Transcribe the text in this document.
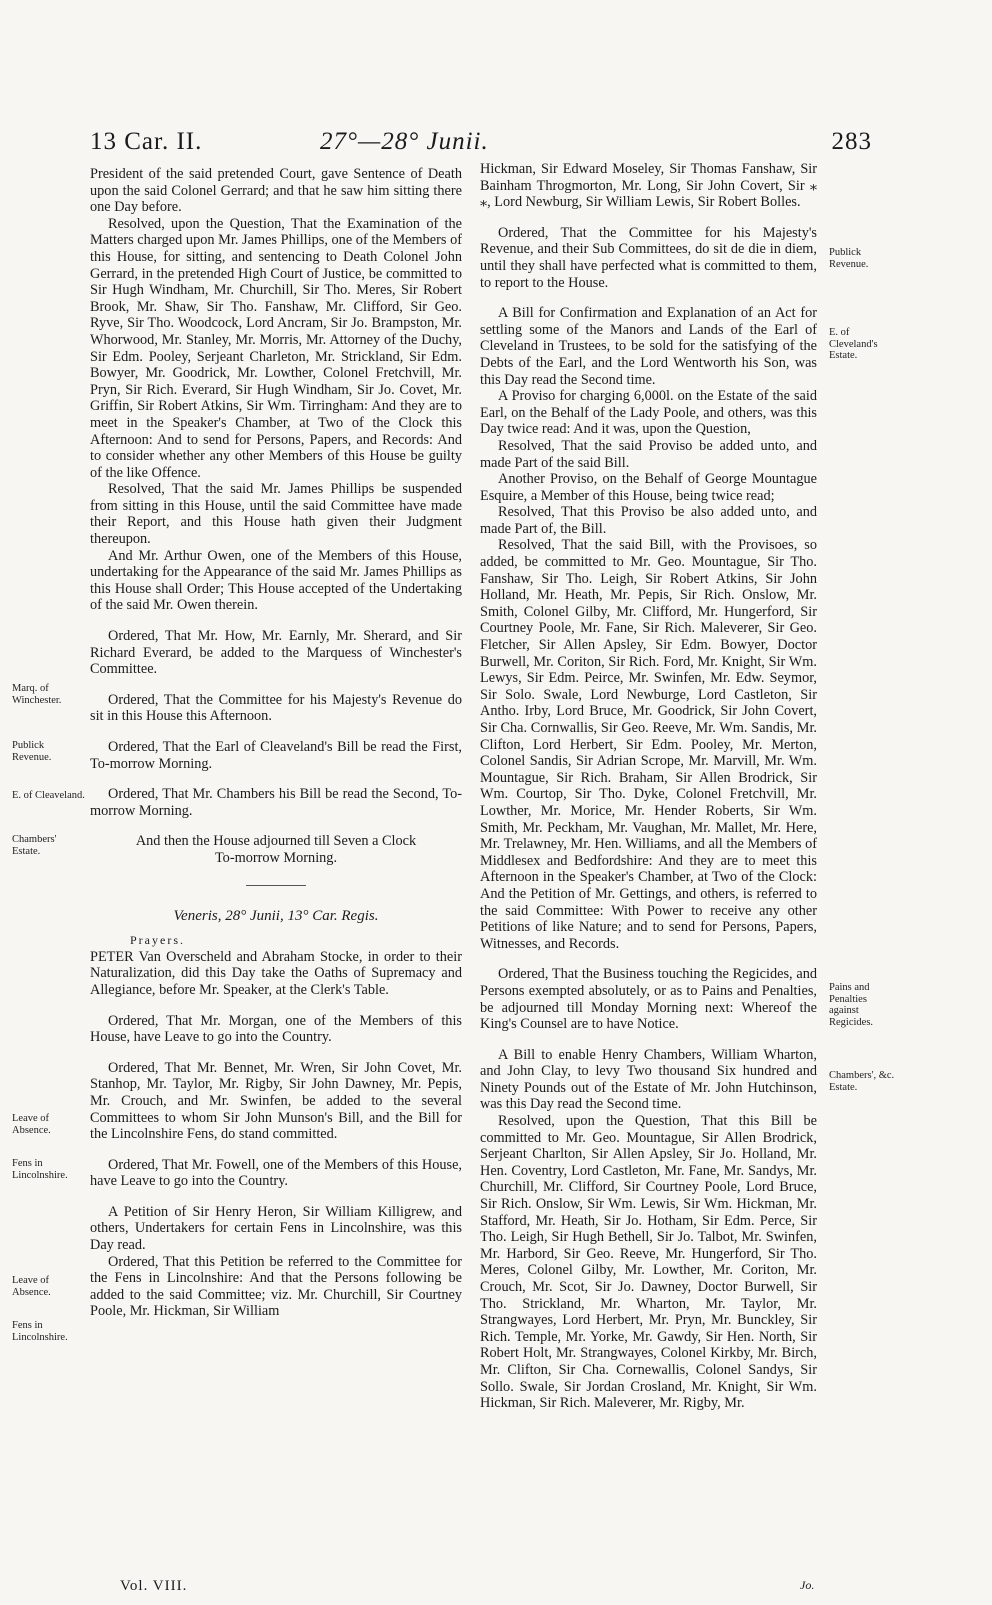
13 Car. II.	27°—28° Junii.	283

President of the said pretended Court, gave Sentence of Death upon the said Colonel Gerrard; and that he saw him sitting there one Day before.

Resolved, upon the Question, That the Examination of the Matters charged upon Mr. James Phillips, one of the Members of this House, for sitting, and sentencing to Death Colonel John Gerrard, in the pretended High Court of Justice, be committed to Sir Hugh Windham, Mr. Churchill, Sir Tho. Meres, Sir Robert Brook, Mr. Shaw, Sir Tho. Fanshaw, Mr. Clifford, Sir Geo. Ryve, Sir Tho. Woodcock, Lord Ancram, Sir Jo. Brampston, Mr. Whorwood, Mr. Stanley, Mr. Morris, Mr. Attorney of the Duchy, Sir Edm. Pooley, Serjeant Charleton, Mr. Strickland, Sir Edm. Bowyer, Mr. Goodrick, Mr. Lowther, Colonel Fretchvill, Mr. Pryn, Sir Rich. Everard, Sir Hugh Windham, Sir Jo. Covet, Mr. Griffin, Sir Robert Atkins, Sir Wm. Tirringham: And they are to meet in the Speaker's Chamber, at Two of the Clock this Afternoon: And to send for Persons, Papers, and Records: And to consider whether any other Members of this House be guilty of the like Offence.

Resolved, That the said Mr. James Phillips be suspended from sitting in this House, until the said Committee have made their Report, and this House hath given their Judgment thereupon.

And Mr. Arthur Owen, one of the Members of this House, undertaking for the Appearance of the said Mr. James Phillips as this House shall Order; This House accepted of the Undertaking of the said Mr. Owen therein.

Ordered, That Mr. How, Mr. Earnly, Mr. Sherard, and Sir Richard Everard, be added to the Marquess of Winchester's Committee.

Ordered, That the Committee for his Majesty's Revenue do sit in this House this Afternoon.

Ordered, That the Earl of Cleaveland's Bill be read the First, To-morrow Morning.

Ordered, That Mr. Chambers his Bill be read the Second, To-morrow Morning.

And then the House adjourned till Seven a Clock To-morrow Morning.

Veneris, 28° Junii, 13° Car. Regis.
Prayers.

PETER Van Overscheld and Abraham Stocke, in order to their Naturalization, did this Day take the Oaths of Supremacy and Allegiance, before Mr. Speaker, at the Clerk's Table.

Ordered, That Mr. Morgan, one of the Members of this House, have Leave to go into the Country.

Ordered, That Mr. Bennet, Mr. Wren, Sir John Covet, Mr. Stanhop, Mr. Taylor, Mr. Rigby, Sir John Dawney, Mr. Pepis, Mr. Crouch, and Mr. Swinfen, be added to the several Committees to whom Sir John Munson's Bill, and the Bill for the Lincolnshire Fens, do stand committed.

Ordered, That Mr. Fowell, one of the Members of this House, have Leave to go into the Country.

A Petition of Sir Henry Heron, Sir William Killigrew, and others, Undertakers for certain Fens in Lincolnshire, was this Day read.

Ordered, That this Petition be referred to the Committee for the Fens in Lincolnshire: And that the Persons following be added to the said Committee; viz. Mr. Churchill, Sir Courtney Poole, Mr. Hickman, Sir William

Hickman, Sir Edward Moseley, Sir Thomas Fanshaw, Sir Bainham Throgmorton, Mr. Long, Sir John Covert, Sir ⁎ ⁎, Lord Newburg, Sir William Lewis, Sir Robert Bolles.

Ordered, That the Committee for his Majesty's Revenue, and their Sub Committees, do sit de die in diem, until they shall have perfected what is committed to them, to report to the House.

A Bill for Confirmation and Explanation of an Act for settling some of the Manors and Lands of the Earl of Cleveland in Trustees, to be sold for the satisfying of the Debts of the Earl, and the Lord Wentworth his Son, was this Day read the Second time.

A Proviso for charging 6,000l. on the Estate of the said Earl, on the Behalf of the Lady Poole, and others, was this Day twice read: And it was, upon the Question,

Resolved, That the said Proviso be added unto, and made Part of the said Bill.

Another Proviso, on the Behalf of George Mountague Esquire, a Member of this House, being twice read;

Resolved, That this Proviso be also added unto, and made Part of, the Bill.

Resolved, That the said Bill, with the Provisoes, so added, be committed to Mr. Geo. Mountague, Sir Tho. Fanshaw, Sir Tho. Leigh, Sir Robert Atkins, Sir John Holland, Mr. Heath, Mr. Pepis, Sir Rich. Onslow, Mr. Smith, Colonel Gilby, Mr. Clifford, Mr. Hungerford, Sir Courtney Poole, Mr. Fane, Sir Rich. Maleverer, Sir Geo. Fletcher, Sir Allen Apsley, Sir Edm. Bowyer, Doctor Burwell, Mr. Coriton, Sir Rich. Ford, Mr. Knight, Sir Wm. Lewys, Sir Edm. Peirce, Mr. Swinfen, Mr. Edw. Seymor, Sir Solo. Swale, Lord Newburge, Lord Castleton, Sir Antho. Irby, Lord Bruce, Mr. Goodrick, Sir John Covert, Sir Cha. Cornwallis, Sir Geo. Reeve, Mr. Wm. Sandis, Mr. Clifton, Lord Herbert, Sir Edm. Pooley, Mr. Merton, Colonel Sandis, Sir Adrian Scrope, Mr. Marvill, Mr. Wm. Mountague, Sir Rich. Braham, Sir Allen Brodrick, Sir Wm. Courtop, Sir Tho. Dyke, Colonel Fretchvill, Mr. Lowther, Mr. Morice, Mr. Hender Roberts, Sir Wm. Smith, Mr. Peckham, Mr. Vaughan, Mr. Mallet, Mr. Here, Mr. Trelawney, Mr. Hen. Williams, and all the Members of Middlesex and Bedfordshire: And they are to meet this Afternoon in the Speaker's Chamber, at Two of the Clock: And the Petition of Mr. Gettings, and others, is referred to the said Committee: With Power to receive any other Petitions of like Nature; and to send for Persons, Papers, Witnesses, and Records.

Ordered, That the Business touching the Regicides, and Persons exempted absolutely, or as to Pains and Penalties, be adjourned till Monday Morning next: Whereof the King's Counsel are to have Notice.

A Bill to enable Henry Chambers, William Wharton, and John Clay, to levy Two thousand Six hundred and Ninety Pounds out of the Estate of Mr. John Hutchinson, was this Day read the Second time.

Resolved, upon the Question, That this Bill be committed to Mr. Geo. Mountague, Sir Allen Brodrick, Serjeant Charlton, Sir Allen Apsley, Sir Jo. Holland, Mr. Hen. Coventry, Lord Castleton, Mr. Fane, Mr. Sandys, Mr. Churchill, Mr. Clifford, Sir Courtney Poole, Lord Bruce, Sir Rich. Onslow, Sir Wm. Lewis, Sir Wm. Hickman, Mr. Stafford, Mr. Heath, Sir Jo. Hotham, Sir Edm. Perce, Sir Tho. Leigh, Sir Hugh Bethell, Sir Jo. Talbot, Mr. Swinfen, Mr. Harbord, Sir Geo. Reeve, Mr. Hungerford, Sir Tho. Meres, Colonel Gilby, Mr. Lowther, Mr. Coriton, Mr. Crouch, Mr. Scot, Sir Jo. Dawney, Doctor Burwell, Sir Tho. Strickland, Mr. Wharton, Mr. Taylor, Mr. Strangwayes, Lord Herbert, Mr. Pryn, Mr. Bunckley, Sir Rich. Temple, Mr. Yorke, Mr. Gawdy, Sir Hen. North, Sir Robert Holt, Mr. Strangwayes, Colonel Kirkby, Mr. Birch, Mr. Clifton, Sir Cha. Cornewallis, Colonel Sandys, Sir Sollo. Swale, Sir Jordan Crosland, Mr. Knight, Sir Wm. Hickman, Sir Rich. Maleverer, Mr. Rigby, Mr.

Marq. of Winchester.
Publick Revenue.
E. of Cleaveland.
Chambers' Estate.
Leave of Absence.
Fens in Lincolnshire.
Leave of Absence.
Fens in Lincolnshire.
Publick Revenue.
E. of Cleveland's Estate.
Pains and Penalties against Regicides.
Chambers', &c. Estate.
Vol. VIII.	Jo.
